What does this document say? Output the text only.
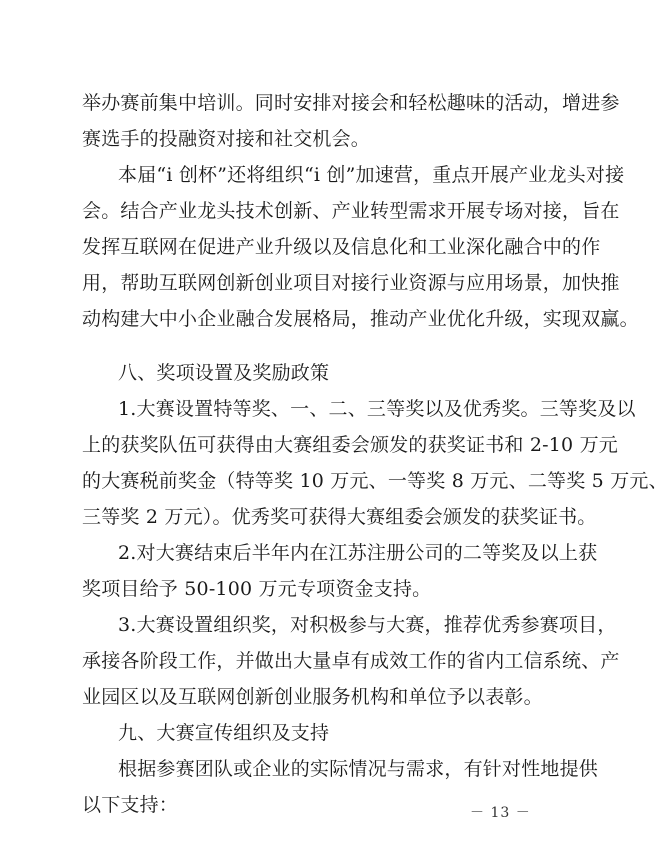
举办赛前集中培训。同时安排对接会和轻松趣味的活动，增进参
赛选手的投融资对接和社交机会。
本届“i 创杯”还将组织“i 创”加速营，重点开展产业龙头对接
会。结合产业龙头技术创新、产业转型需求开展专场对接，旨在
发挥互联网在促进产业升级以及信息化和工业深化融合中的作
用，帮助互联网创新创业项目对接行业资源与应用场景，加快推
动构建大中小企业融合发展格局，推动产业优化升级，实现双赢。
八、奖项设置及奖励政策
1.大赛设置特等奖、一、二、三等奖以及优秀奖。三等奖及以
上的获奖队伍可获得由大赛组委会颁发的获奖证书和 2-10 万元
的大赛税前奖金（特等奖 10 万元、一等奖 8 万元、二等奖 5 万元、
三等奖 2 万元）。优秀奖可获得大赛组委会颁发的获奖证书。
2.对大赛结束后半年内在江苏注册公司的二等奖及以上获
奖项目给予 50-100 万元专项资金支持。
3.大赛设置组织奖，对积极参与大赛，推荐优秀参赛项目，
承接各阶段工作，并做出大量卓有成效工作的省内工信系统、产
业园区以及互联网创新创业服务机构和单位予以表彰。
九、大赛宣传组织及支持
根据参赛团队或企业的实际情况与需求，有针对性地提供
以下支持：	－ 13 －
